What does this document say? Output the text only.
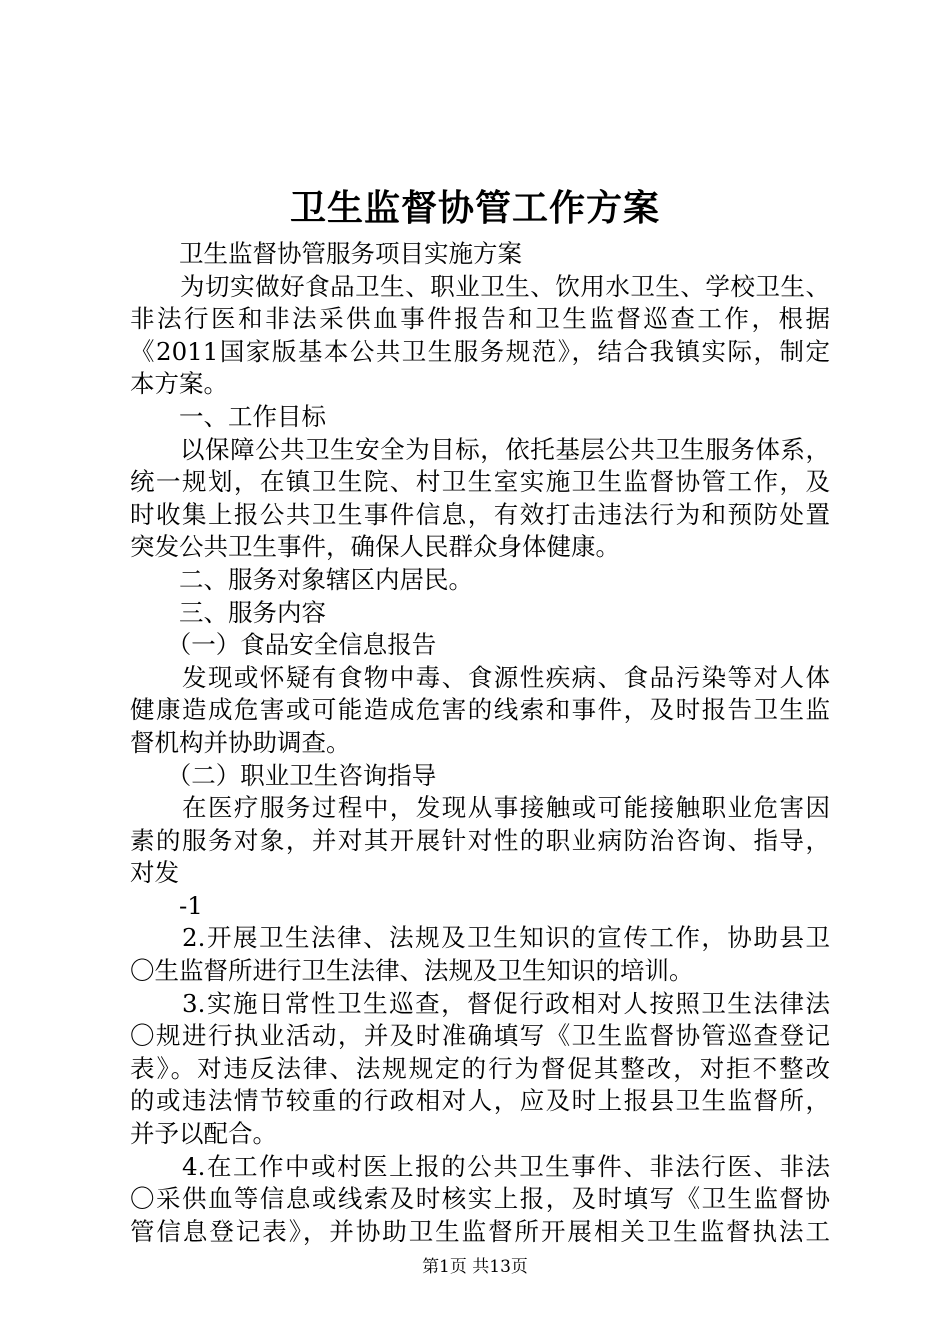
卫生监督协管工作方案
　　卫生监督协管服务项目实施方案
　　为切实做好食品卫生、职业卫生、饮用水卫生、学校卫生、
非法行医和非法采供血事件报告和卫生监督巡查工作，根据
《2011国家版基本公共卫生服务规范》，结合我镇实际，制定
本方案。
　　一、工作目标
　　以保障公共卫生安全为目标，依托基层公共卫生服务体系，
统一规划，在镇卫生院、村卫生室实施卫生监督协管工作，及
时收集上报公共卫生事件信息，有效打击违法行为和预防处置
突发公共卫生事件，确保人民群众身体健康。
　　二、服务对象辖区内居民。
　　三、服务内容
　　（一）食品安全信息报告
　　发现或怀疑有食物中毒、食源性疾病、食品污染等对人体
健康造成危害或可能造成危害的线索和事件，及时报告卫生监
督机构并协助调查。
　　（二）职业卫生咨询指导
　　在医疗服务过程中，发现从事接触或可能接触职业危害因
素的服务对象，并对其开展针对性的职业病防治咨询、指导，
对发
　　-1
　　2.开展卫生法律、法规及卫生知识的宣传工作，协助县卫
〇生监督所进行卫生法律、法规及卫生知识的培训。
　　3.实施日常性卫生巡查，督促行政相对人按照卫生法律法
〇规进行执业活动，并及时准确填写《卫生监督协管巡查登记
表》。对违反法律、法规规定的行为督促其整改，对拒不整改
的或违法情节较重的行政相对人，应及时上报县卫生监督所，
并予以配合。
　　4.在工作中或村医上报的公共卫生事件、非法行医、非法
〇采供血等信息或线索及时核实上报，及时填写《卫生监督协
管信息登记表》，并协助卫生监督所开展相关卫生监督执法工
第1页 共13页
